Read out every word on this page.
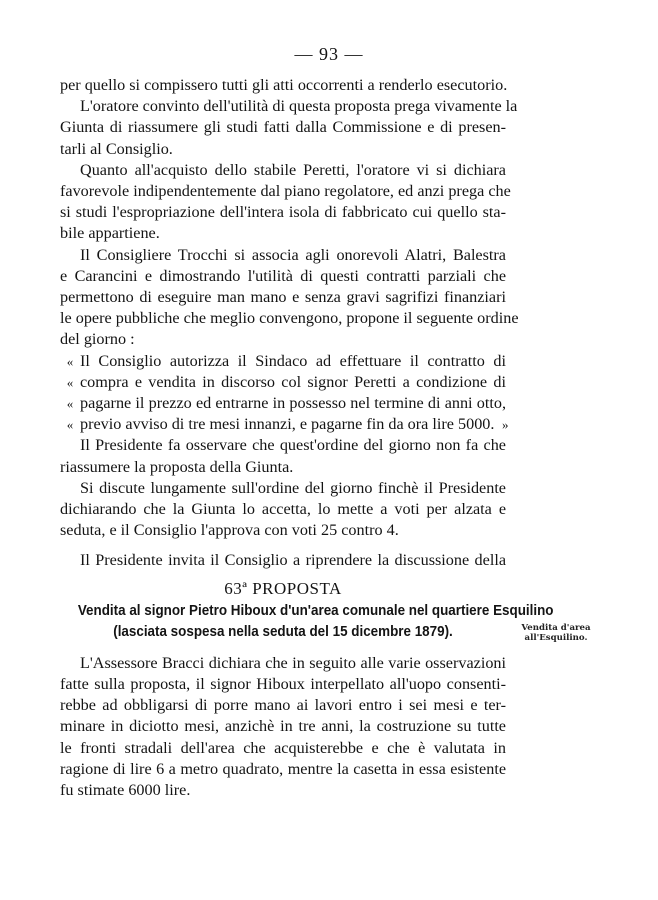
— 93 —
per quello si compissero tutti gli atti occorrenti a renderlo esecutorio.
L'oratore convinto dell'utilità di questa proposta prega vivamente la
Giunta di riassumere gli studi fatti dalla Commissione e di presen-
tarli al Consiglio.
Quanto all'acquisto dello stabile Peretti, l'oratore vi si dichiara
favorevole indipendentemente dal piano regolatore, ed anzi prega che
si studi l'espropriazione dell'intera isola di fabbricato cui quello sta-
bile appartiene.
Il Consigliere Trocchi si associa agli onorevoli Alatri, Balestra
e Carancini e dimostrando l'utilità di questi contratti parziali che
permettono di eseguire man mano e senza gravi sagrifizi finanziari
le opere pubbliche che meglio convengono, propone il seguente ordine
del giorno :
« Il Consiglio autorizza il Sindaco ad effettuare il contratto di
« compra e vendita in discorso col signor Peretti a condizione di
« pagarne il prezzo ed entrarne in possesso nel termine di anni otto,
« previo avviso di tre mesi innanzi, e pagarne fin da ora lire 5000. »
Il Presidente fa osservare che quest'ordine del giorno non fa che
riassumere la proposta della Giunta.
Si discute lungamente sull'ordine del giorno finchè il Presidente
dichiarando che la Giunta lo accetta, lo mette a voti per alzata e
seduta, e il Consiglio l'approva con voti 25 contro 4.
Il Presidente invita il Consiglio a riprendere la discussione della
63ª PROPOSTA
Vendita al signor Pietro Hiboux d'un'area comunale nel quartiere Esquilino
(lasciata sospesa nella seduta del 15 dicembre 1879).
L'Assessore Bracci dichiara che in seguito alle varie osservazioni
fatte sulla proposta, il signor Hiboux interpellato all'uopo consenti-
rebbe ad obbligarsi di porre mano ai lavori entro i sei mesi e ter-
minare in diciotto mesi, anzichè in tre anni, la costruzione su tutte
le fronti stradali dell'area che acquisterebbe e che è valutata in
ragione di lire 6 a metro quadrato, mentre la casetta in essa esistente
fu stimate 6000 lire.
Vendita d'area
all'Esquilino.
